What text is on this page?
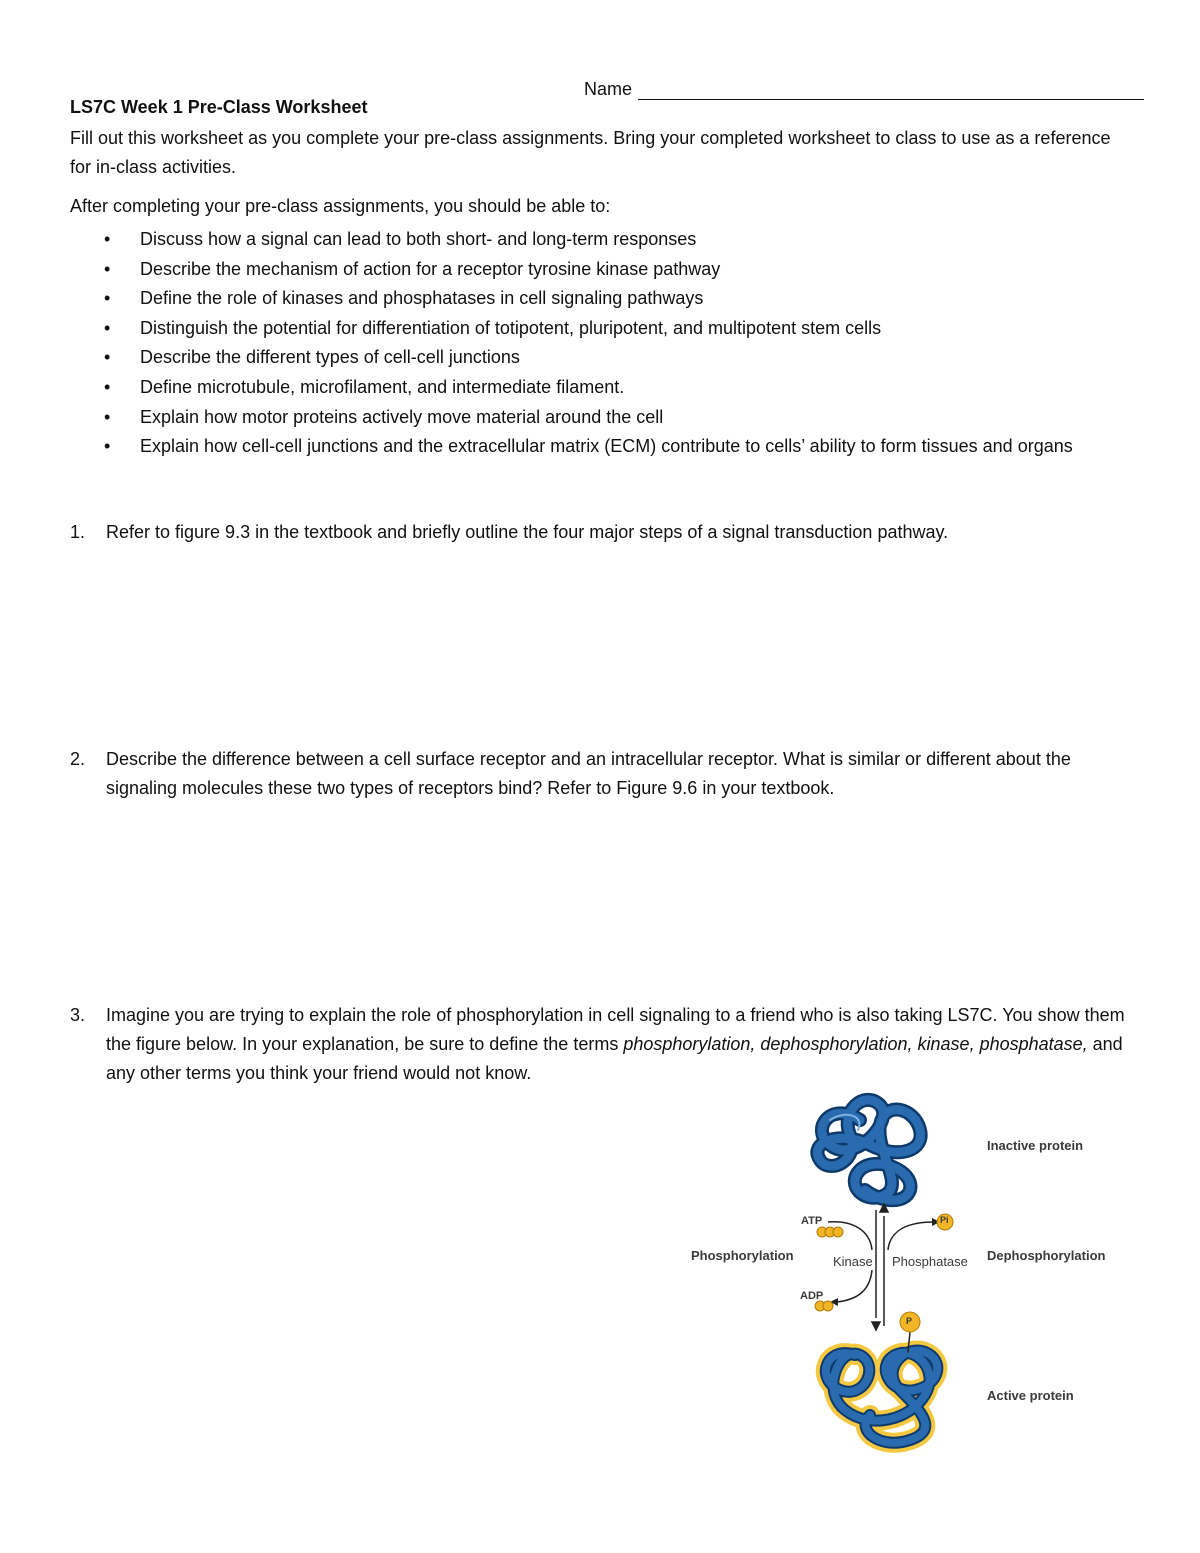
Name
LS7C Week 1 Pre-Class Worksheet
Fill out this worksheet as you complete your pre-class assignments. Bring your completed worksheet to class to use as a reference for in-class activities.
After completing your pre-class assignments, you should be able to:
• Discuss how a signal can lead to both short- and long-term responses
• Describe the mechanism of action for a receptor tyrosine kinase pathway
• Define the role of kinases and phosphatases in cell signaling pathways
• Distinguish the potential for differentiation of totipotent, pluripotent, and multipotent stem cells
• Describe the different types of cell-cell junctions
• Define microtubule, microfilament, and intermediate filament.
• Explain how motor proteins actively move material around the cell
• Explain how cell-cell junctions and the extracellular matrix (ECM) contribute to cells’ ability to form tissues and organs
1. Refer to figure 9.3 in the textbook and briefly outline the four major steps of a signal transduction pathway.
2. Describe the difference between a cell surface receptor and an intracellular receptor. What is similar or different about the signaling molecules these two types of receptors bind? Refer to Figure 9.6 in your textbook.
3. Imagine you are trying to explain the role of phosphorylation in cell signaling to a friend who is also taking LS7C. You show them the figure below. In your explanation, be sure to define the terms phosphorylation, dephosphorylation, kinase, phosphatase, and any other terms you think your friend would not know.
Inactive protein
Active protein
Phosphorylation	Dephosphorylation
Kinase Phosphatase
ATP
ADP
Pi
P
